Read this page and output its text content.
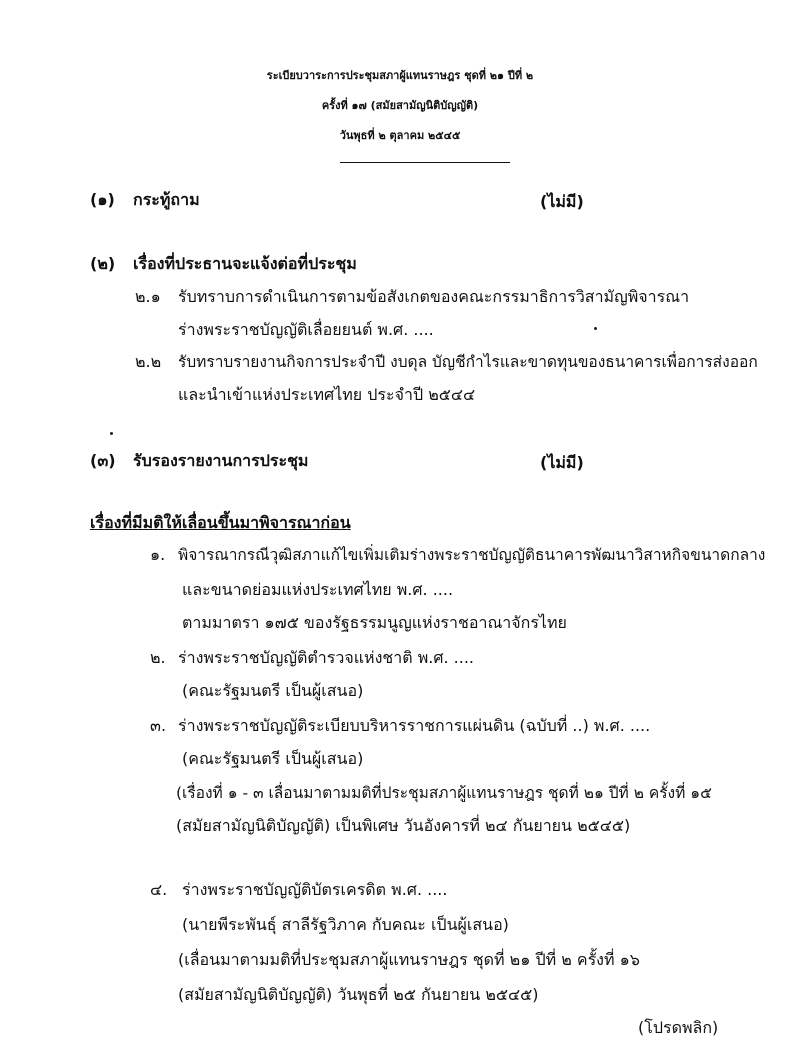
ระเบียบวาระการประชุมสภาผู้แทนราษฎร ชุดที่ ๒๑ ปีที่ ๒
ครั้งที่ ๑๗ (สมัยสามัญนิติบัญญัติ)
วันพุธที่ ๒ ตุลาคม ๒๕๔๕
(๑) กระทู้ถาม	(ไม่มี)
(๒) เรื่องที่ประธานจะแจ้งต่อที่ประชุม
๒.๑ รับทราบการดำเนินการตามข้อสังเกตของคณะกรรมาธิการวิสามัญพิจารณา
ร่างพระราชบัญญัติเลื่อยยนต์ พ.ศ. ....
๒.๒ รับทราบรายงานกิจการประจำปี งบดุล บัญชีกำไรและขาดทุนของธนาคารเพื่อการส่งออก
และนำเข้าแห่งประเทศไทย ประจำปี ๒๕๔๔
(๓) รับรองรายงานการประชุม	(ไม่มี)
เรื่องที่มีมติให้เลื่อนขึ้นมาพิจารณาก่อน
๑. พิจารณากรณีวุฒิสภาแก้ไขเพิ่มเติมร่างพระราชบัญญัติธนาคารพัฒนาวิสาหกิจขนาดกลาง
และขนาดย่อมแห่งประเทศไทย พ.ศ. ....
ตามมาตรา ๑๗๕ ของรัฐธรรมนูญแห่งราชอาณาจักรไทย
๒. ร่างพระราชบัญญัติตำรวจแห่งชาติ พ.ศ. ....
(คณะรัฐมนตรี เป็นผู้เสนอ)
๓. ร่างพระราชบัญญัติระเบียบบริหารราชการแผ่นดิน (ฉบับที่ ..) พ.ศ. ....
(คณะรัฐมนตรี เป็นผู้เสนอ)
(เรื่องที่ ๑ - ๓ เลื่อนมาตามมติที่ประชุมสภาผู้แทนราษฎร ชุดที่ ๒๑ ปีที่ ๒ ครั้งที่ ๑๕
(สมัยสามัญนิติบัญญัติ) เป็นพิเศษ วันอังคารที่ ๒๔ กันยายน ๒๕๔๕)
๔. ร่างพระราชบัญญัติบัตรเครดิต พ.ศ. ....
(นายพีระพันธุ์ สาลีรัฐวิภาค กับคณะ เป็นผู้เสนอ)
(เลื่อนมาตามมติที่ประชุมสภาผู้แทนราษฎร ชุดที่ ๒๑ ปีที่ ๒ ครั้งที่ ๑๖
(สมัยสามัญนิติบัญญัติ) วันพุธที่ ๒๕ กันยายน ๒๕๔๕)
(โปรดพลิก)
